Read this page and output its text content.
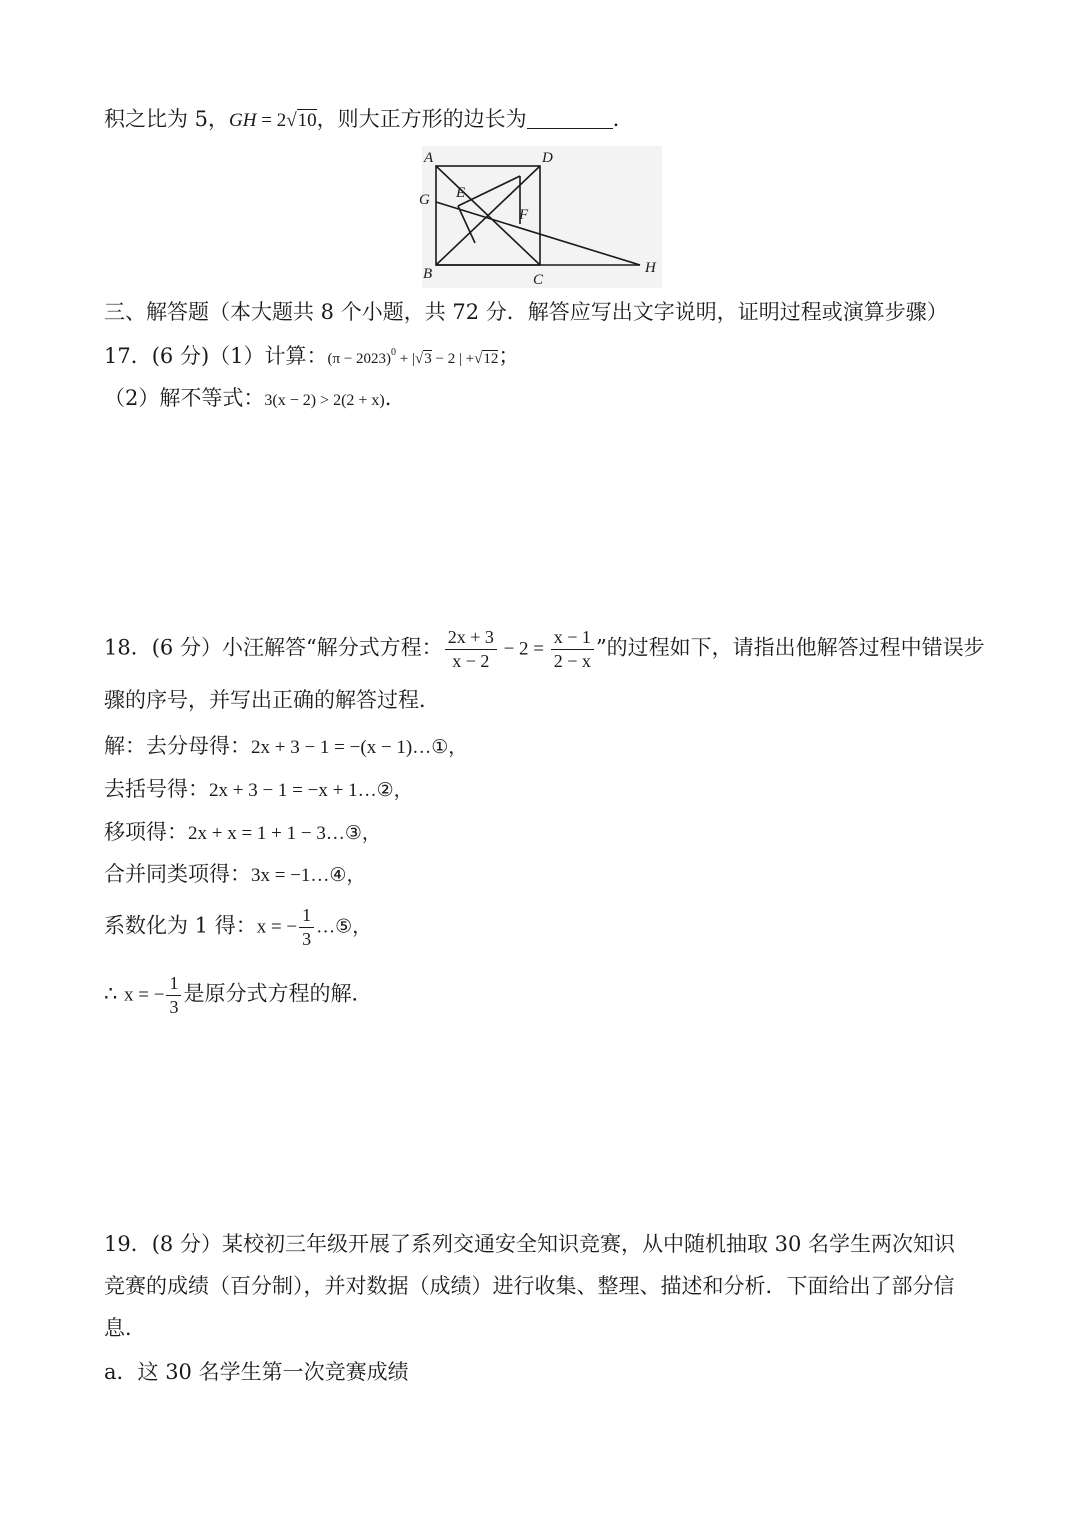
积之比为 5，GH = 2√10，则大正方形的边长为	.
A	D
G E
F
B	C
H
三、解答题（本大题共 8 个小题，共 72 分．解答应写出文字说明，证明过程或演算步骤）
17．(6 分)（1）计算：$(\pi - 2023)^0 + |√3 - 2$ | +√12；
（2）解不等式：3(x − 2) > 2(2 + x).
18．(6 分）小汪解答“解分式方程： $\frac{2x + 3}{x - 2} - 2 = \frac{x - 1}{2 - x}$ ”的过程如下，请指出他解答过程中错误步
骤的序号，并写出正确的解答过程．
解：去分母得：2x + 3 − 1 = −(x − 1)…①，
去括号得：2x + 3 − 1 = −x + 1…②，
移项得：2x + x = 1 + 1 − 3…③，
合并同类项得：3x = −1…④，
系数化为 1 得：x = − $\frac{1}{3}$ …⑤，
∴ x = − $\frac{1}{3}$ 是原分式方程的解．
19．(8 分）某校初三年级开展了系列交通安全知识竞赛，从中随机抽取 30 名学生两次知识
竞赛的成绩（百分制），并对数据（成绩）进行收集、整理、描述和分析．下面给出了部分信
息．
a．这 30 名学生第一次竞赛成绩
